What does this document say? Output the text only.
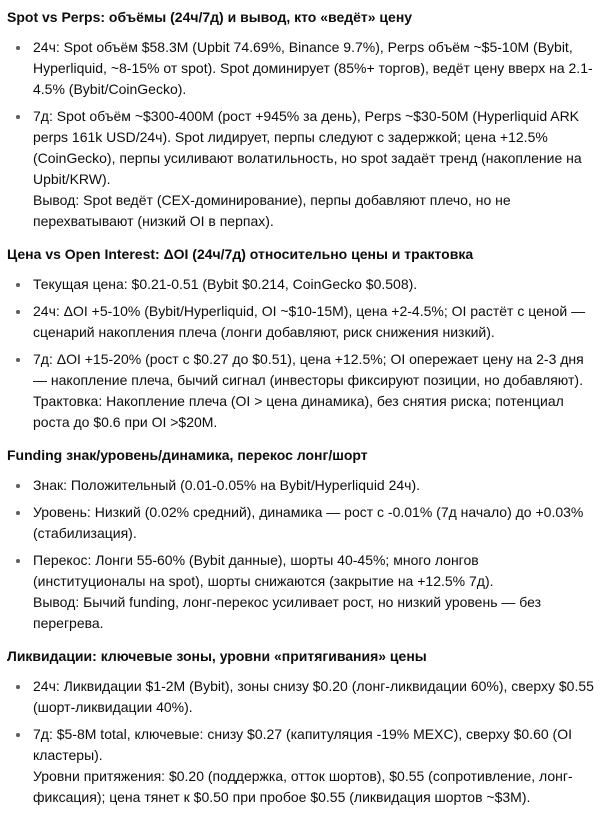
Spot vs Perps: объёмы (24ч/7д) и вывод, кто «ведёт» цену
24ч: Spot объём $58.3M (Upbit 74.69%, Binance 9.7%), Perps объём ~$5-10M (Bybit, Hyperliquid, ~8-15% от spot). Spot доминирует (85%+ торгов), ведёт цену вверх на 2.1-4.5% (Bybit/CoinGecko).
7д: Spot объём ~$300-400M (рост +945% за день), Perps ~$30-50M (Hyperliquid ARK perps 161k USD/24ч). Spot лидирует, перпы следуют с задержкой; цена +12.5% (CoinGecko), перпы усиливают волатильность, но spot задаёт тренд (накопление на Upbit/KRW).
Вывод: Spot ведёт (CEX-доминирование), перпы добавляют плечо, но не перехватывают (низкий OI в перпах).
Цена vs Open Interest: ΔOI (24ч/7д) относительно цены и трактовка
Текущая цена: $0.21-0.51 (Bybit $0.214, CoinGecko $0.508).
24ч: ΔOI +5-10% (Bybit/Hyperliquid, OI ~$10-15M), цена +2-4.5%; OI растёт с ценой — сценарий накопления плеча (лонги добавляют, риск снижения низкий).
7д: ΔOI +15-20% (рост с $0.27 до $0.51), цена +12.5%; OI опережает цену на 2-3 дня — накопление плеча, бычий сигнал (инвесторы фиксируют позиции, но добавляют).
Трактовка: Накопление плеча (OI > цена динамика), без снятия риска; потенциал роста до $0.6 при OI >$20M.
Funding знак/уровень/динамика, перекос лонг/шорт
Знак: Положительный (0.01-0.05% на Bybit/Hyperliquid 24ч).
Уровень: Низкий (0.02% средний), динамика — рост с -0.01% (7д начало) до +0.03% (стабилизация).
Перекос: Лонги 55-60% (Bybit данные), шорты 40-45%; много лонгов (институционалы на spot), шорты снижаются (закрытие на +12.5% 7д).
Вывод: Бычий funding, лонг-перекос усиливает рост, но низкий уровень — без перегрева.
Ликвидации: ключевые зоны, уровни «притягивания» цены
24ч: Ликвидации $1-2M (Bybit), зоны снизу $0.20 (лонг-ликвидации 60%), сверху $0.55 (шорт-ликвидации 40%).
7д: $5-8M total, ключевые: снизу $0.27 (капитуляция -19% MEXC), сверху $0.60 (OI кластеры).
Уровни притяжения: $0.20 (поддержка, отток шортов), $0.55 (сопротивление, лонг-фиксация); цена тянет к $0.50 при пробое $0.55 (ликвидация шортов ~$3M).
